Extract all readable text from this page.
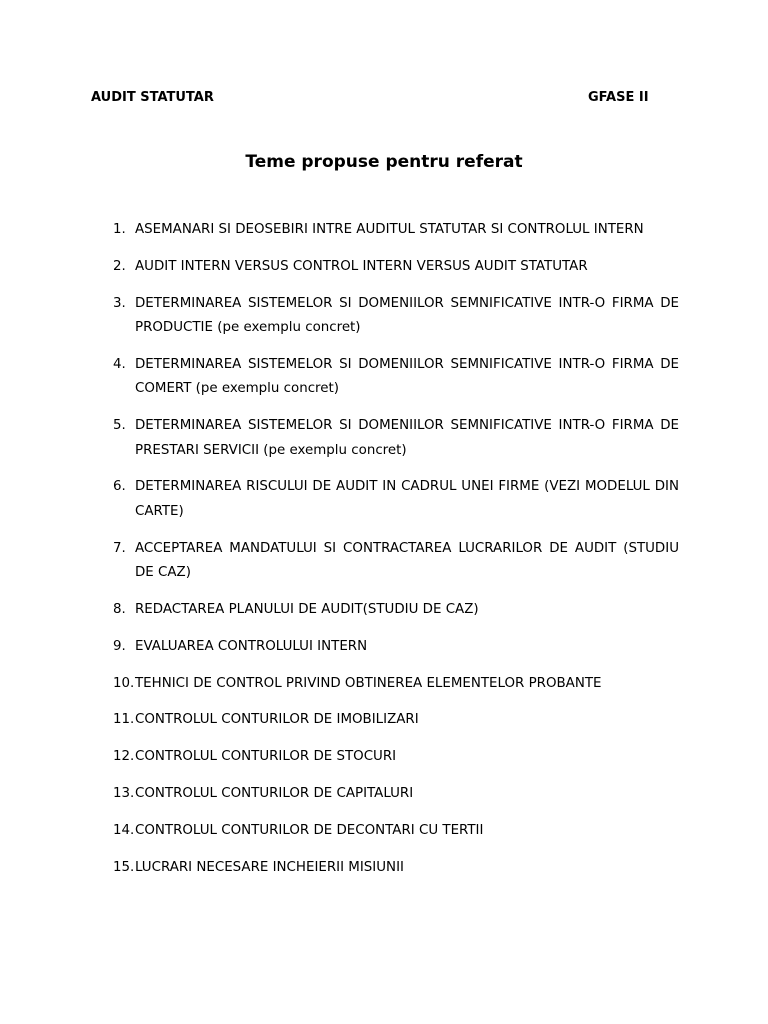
AUDIT STATUTAR	GFASE II
Teme propuse pentru referat
1. ASEMANARI SI DEOSEBIRI INTRE AUDITUL STATUTAR SI CONTROLUL INTERN
2. AUDIT INTERN VERSUS CONTROL INTERN VERSUS AUDIT STATUTAR
3. DETERMINAREA SISTEMELOR SI DOMENIILOR SEMNIFICATIVE INTR-O FIRMA DE PRODUCTIE (pe exemplu concret)
4. DETERMINAREA SISTEMELOR SI DOMENIILOR SEMNIFICATIVE INTR-O FIRMA DE COMERT (pe exemplu concret)
5. DETERMINAREA SISTEMELOR SI DOMENIILOR SEMNIFICATIVE INTR-O FIRMA DE PRESTARI SERVICII (pe exemplu concret)
6. DETERMINAREA RISCULUI DE AUDIT IN CADRUL UNEI FIRME (VEZI MODELUL DIN CARTE)
7. ACCEPTAREA MANDATULUI SI CONTRACTAREA LUCRARILOR DE AUDIT (STUDIU DE CAZ)
8. REDACTAREA PLANULUI DE AUDIT(STUDIU DE CAZ)
9. EVALUAREA CONTROLULUI INTERN
10. TEHNICI DE CONTROL PRIVIND OBTINEREA ELEMENTELOR PROBANTE
11. CONTROLUL CONTURILOR DE IMOBILIZARI
12. CONTROLUL CONTURILOR DE STOCURI
13. CONTROLUL CONTURILOR DE CAPITALURI
14. CONTROLUL CONTURILOR DE DECONTARI CU TERTII
15. LUCRARI NECESARE INCHEIERII MISIUNII
